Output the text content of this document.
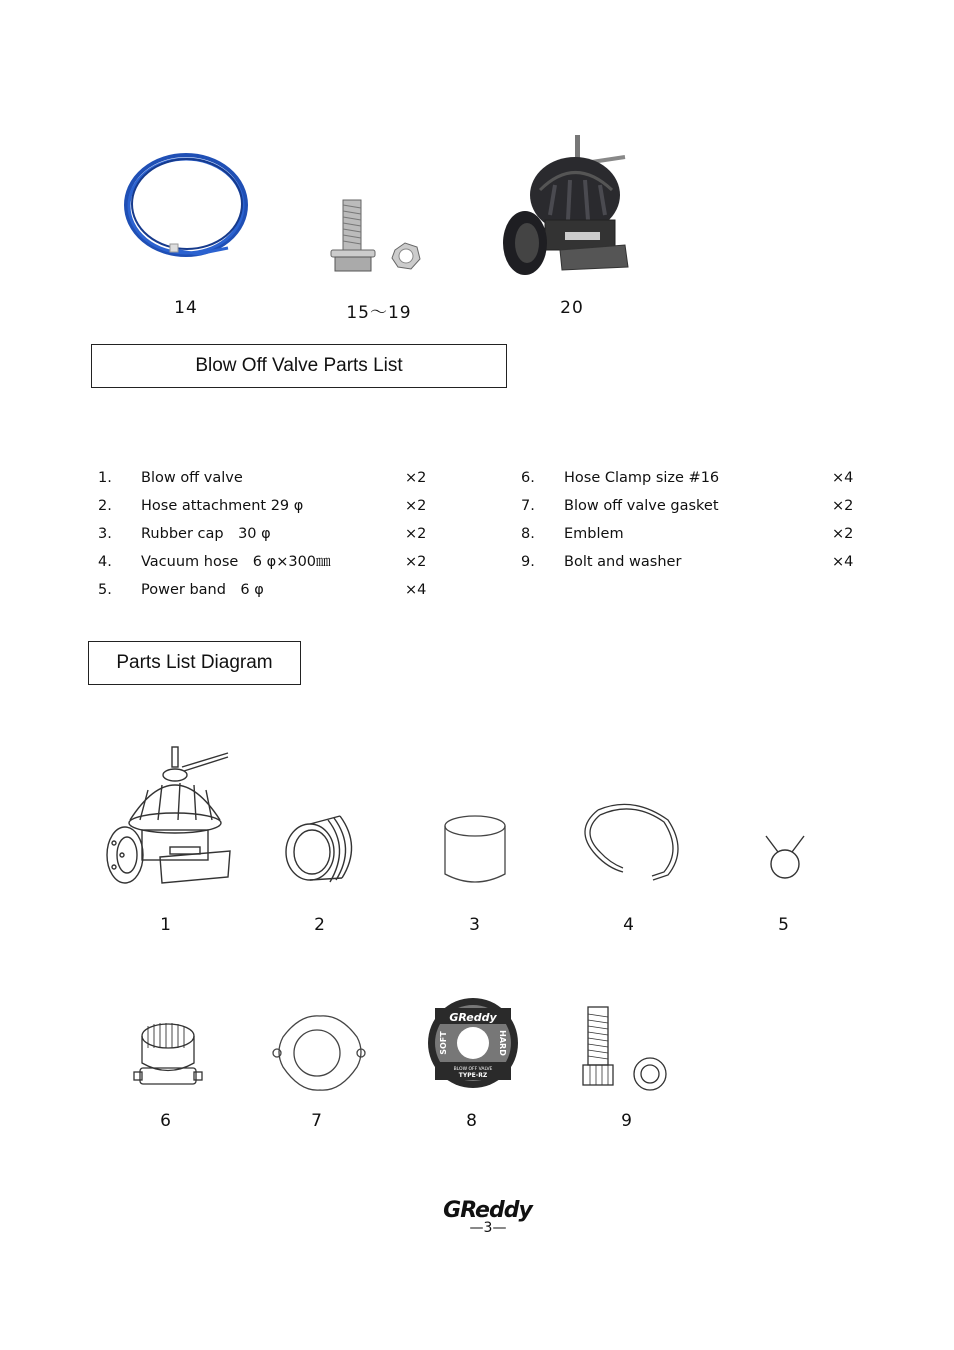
14	15～19	20
Blow Off Valve Parts List
1.	Blow off valve	×2
2.	Hose attachment 29 φ	×2
3.	Rubber cap　30 φ	×2
4.	Vacuum hose　6 φ×300㎜	×2
5.	Power band　6 φ	×4
6.	Hose Clamp size #16	×4
7.	Blow off valve gasket	×2
8.	Emblem	×2
9.	Bolt and washer	×4
Parts List Diagram
1	2	3	4	5
GReddy
SOFT	HARD
BLOW OFF VALVE
TYPE-RZ
6	7	8	9
GReddy
—3—
